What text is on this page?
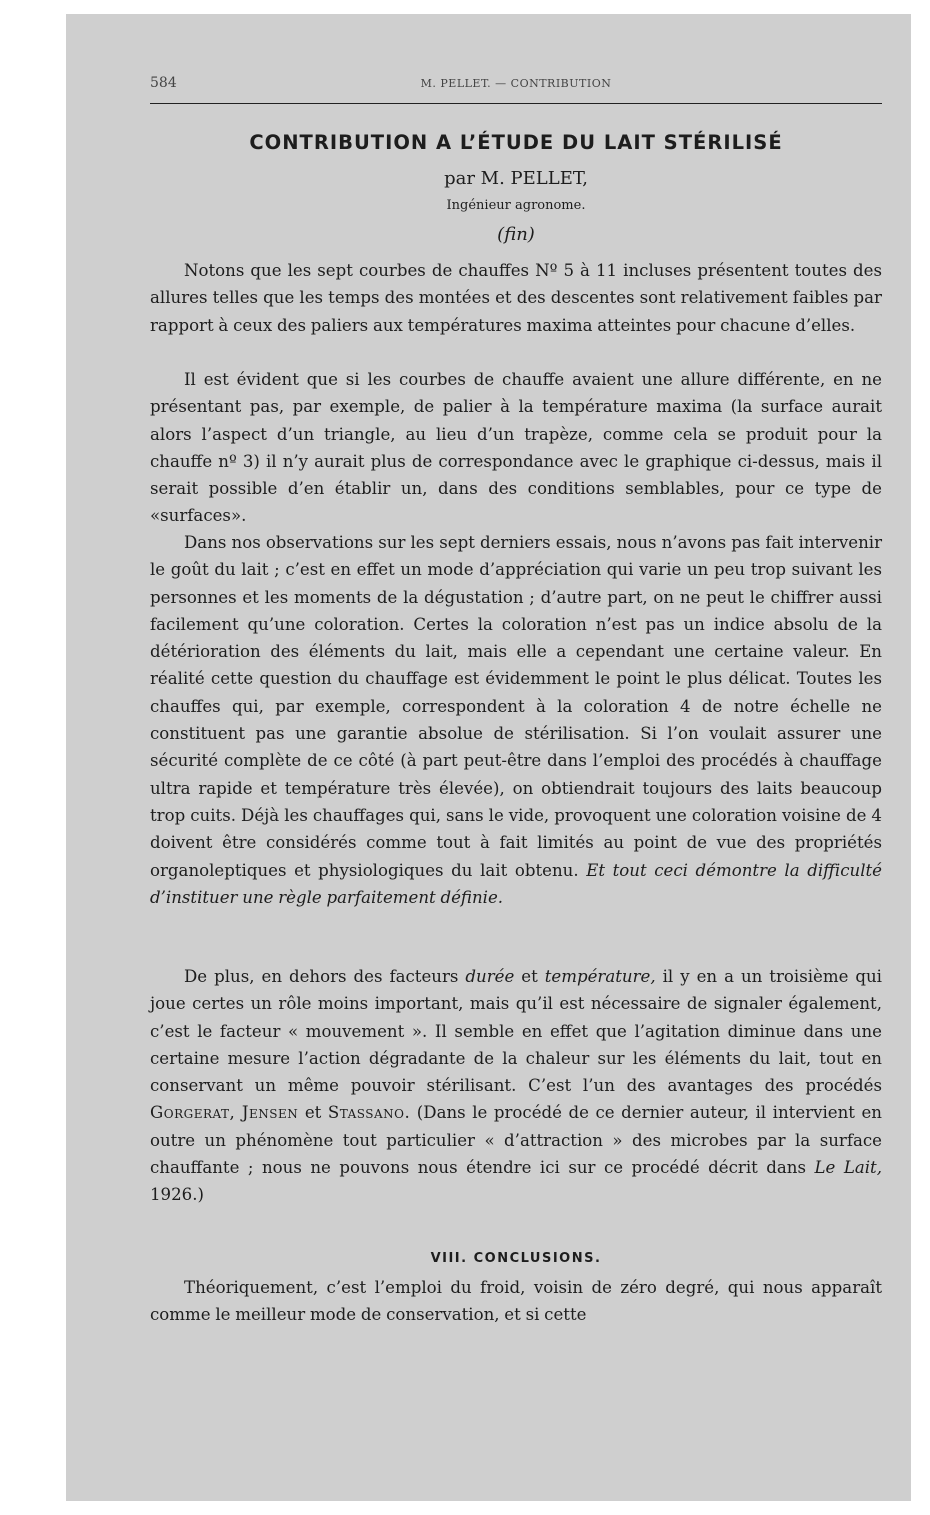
584	M. PELLET. — CONTRIBUTION
CONTRIBUTION A L’ÉTUDE DU LAIT STÉRILISÉ
par M. PELLET,
Ingénieur agronome.
(fin)

Notons que les sept courbes de chauffes Nº 5 à 11 incluses présentent toutes des allures telles que les temps des montées et des descentes sont relativement faibles par rapport à ceux des paliers aux températures maxima atteintes pour chacune d’elles.

Il est évident que si les courbes de chauffe avaient une allure différente, en ne présentant pas, par exemple, de palier à la température maxima (la surface aurait alors l’aspect d’un triangle, au lieu d’un trapèze, comme cela se produit pour la chauffe nº 3) il n’y aurait plus de correspondance avec le graphique ci-dessus, mais il serait possible d’en établir un, dans des conditions semblables, pour ce type de «surfaces».

Dans nos observations sur les sept derniers essais, nous n’avons pas fait intervenir le goût du lait ; c’est en effet un mode d’appréciation qui varie un peu trop suivant les personnes et les moments de la dégustation ; d’autre part, on ne peut le chiffrer aussi facilement qu’une coloration. Certes la coloration n’est pas un indice absolu de la détérioration des éléments du lait, mais elle a cependant une certaine valeur. En réalité cette question du chauffage est évidemment le point le plus délicat. Toutes les chauffes qui, par exemple, correspondent à la coloration 4 de notre échelle ne constituent pas une garantie absolue de stérilisation. Si l’on voulait assurer une sécurité complète de ce côté (à part peut-être dans l’emploi des procédés à chauffage ultra rapide et température très élevée), on obtiendrait toujours des laits beaucoup trop cuits. Déjà les chauffages qui, sans le vide, provoquent une coloration voisine de 4 doivent être considérés comme tout à fait limités au point de vue des propriétés organoleptiques et physiologiques du lait obtenu. Et tout ceci démontre la difficulté d’instituer une règle parfaitement définie.

De plus, en dehors des facteurs durée et température, il y en a un troisième qui joue certes un rôle moins important, mais qu’il est nécessaire de signaler également, c’est le facteur « mouvement ». Il semble en effet que l’agitation diminue dans une certaine mesure l’action dégradante de la chaleur sur les éléments du lait, tout en conservant un même pouvoir stérilisant. C’est l’un des avantages des procédés Gorgerat, Jensen et Stassano. (Dans le procédé de ce dernier auteur, il intervient en outre un phénomène tout particulier « d’attraction » des microbes par la surface chauffante ; nous ne pouvons nous étendre ici sur ce procédé décrit dans Le Lait, 1926.)

VIII. CONCLUSIONS.

Théoriquement, c’est l’emploi du froid, voisin de zéro degré, qui nous apparaît comme le meilleur mode de conservation, et si cette
